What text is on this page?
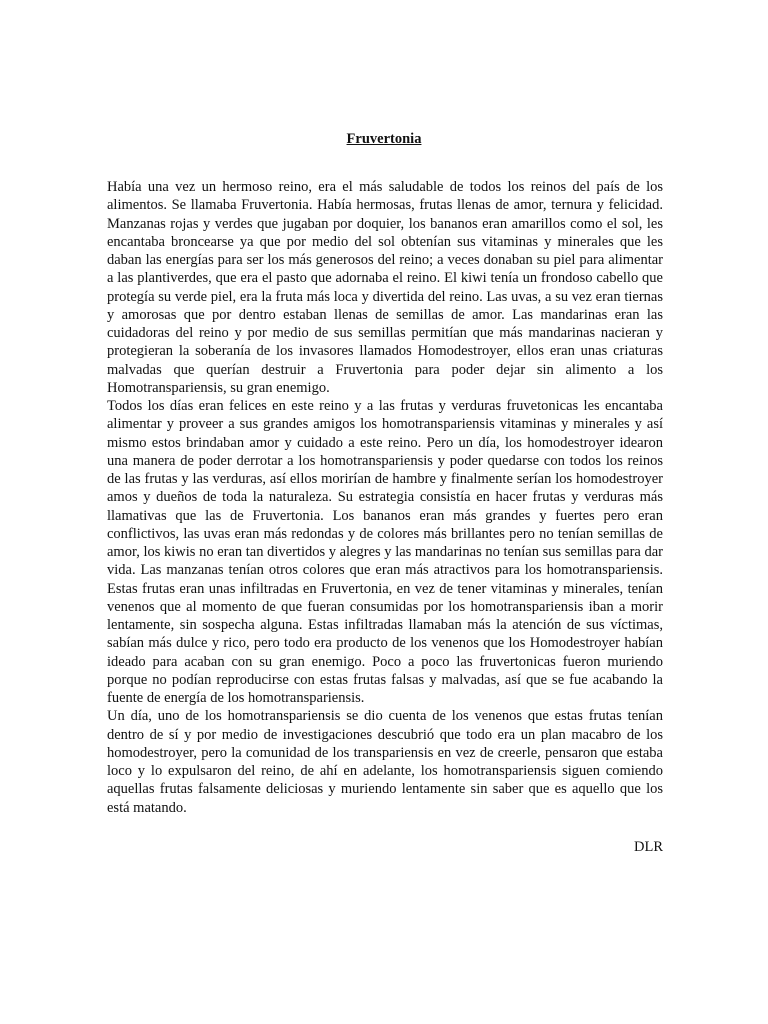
Fruvertonia

Había una vez un hermoso reino, era el más saludable de todos los reinos del país de los alimentos. Se llamaba Fruvertonia. Había hermosas, frutas llenas de amor, ternura y felicidad. Manzanas rojas y verdes que jugaban por doquier, los bananos eran amarillos como el sol, les encantaba broncearse ya que por medio del sol obtenían sus vitaminas y minerales que les daban las energías para ser los más generosos del reino; a veces donaban su piel para alimentar a las plantiverdes, que era el pasto que adornaba el reino. El kiwi tenía un frondoso cabello que protegía su verde piel, era la fruta más loca y divertida del reino. Las uvas, a su vez eran tiernas y amorosas que por dentro estaban llenas de semillas de amor. Las mandarinas eran las cuidadoras del reino y por medio de sus semillas permitían que más mandarinas nacieran y protegieran la soberanía de los invasores llamados Homodestroyer, ellos eran unas criaturas malvadas que querían destruir a Fruvertonia para poder dejar sin alimento a los Homotranspariensis, su gran enemigo.

Todos los días eran felices en este reino y a las frutas y verduras fruvetonicas les encantaba alimentar y proveer a sus grandes amigos los homotranspariensis vitaminas y minerales y así mismo estos brindaban amor y cuidado a este reino. Pero un día, los homodestroyer idearon una manera de poder derrotar a los homotranspariensis y poder quedarse con todos los reinos de las frutas y las verduras, así ellos morirían de hambre y finalmente serían los homodestroyer amos y dueños de toda la naturaleza. Su estrategia consistía en hacer frutas y verduras más llamativas que las de Fruvertonia. Los bananos eran más grandes y fuertes pero eran conflictivos, las uvas eran más redondas y de colores más brillantes pero no tenían semillas de amor, los kiwis no eran tan divertidos y alegres y las mandarinas no tenían sus semillas para dar vida. Las manzanas tenían otros colores que eran más atractivos para los homotranspariensis. Estas frutas eran unas infiltradas en Fruvertonia, en vez de tener vitaminas y minerales, tenían venenos que al momento de que fueran consumidas por los homotranspariensis iban a morir lentamente, sin sospecha alguna. Estas infiltradas llamaban más la atención de sus víctimas, sabían más dulce y rico, pero todo era producto de los venenos que los Homodestroyer habían ideado para acaban con su gran enemigo. Poco a poco las fruvertonicas fueron muriendo porque no podían reproducirse con estas frutas falsas y malvadas, así que se fue acabando la fuente de energía de los homotranspariensis.

Un día, uno de los homotranspariensis se dio cuenta de los venenos que estas frutas tenían dentro de sí y por medio de investigaciones descubrió que todo era un plan macabro de los homodestroyer, pero la comunidad de los transpariensis en vez de creerle, pensaron que estaba loco y lo expulsaron del reino, de ahí en adelante, los homotranspariensis siguen comiendo aquellas frutas falsamente deliciosas y muriendo lentamente sin saber que es aquello que los está matando.

DLR
